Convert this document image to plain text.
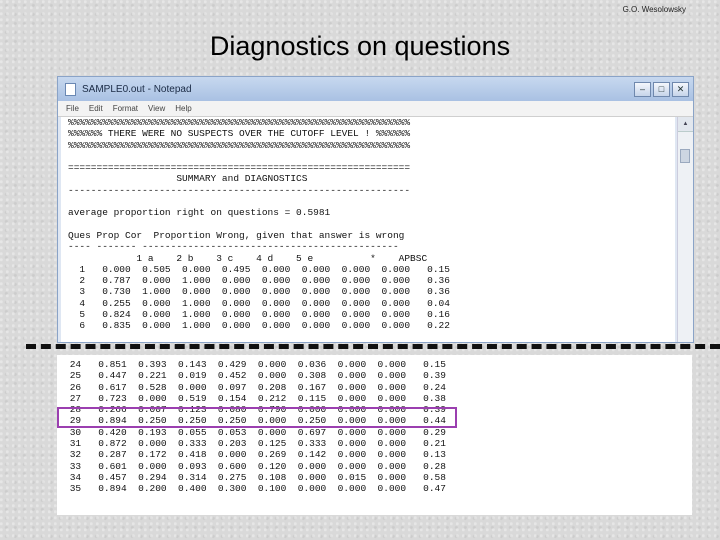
G.O. Wesolowsky
Diagnostics on questions
SAMPLE0.out - Notepad	–	□	✕
File Edit Format View Help
%%%%%%%%%%%%%%%%%%%%%%%%%%%%%%%%%%%%%%%%%%%%%%%%%%%%%%%%%%%%
%%%%%% THERE WERE NO SUSPECTS OVER THE CUTOFF LEVEL ! %%%%%%
%%%%%%%%%%%%%%%%%%%%%%%%%%%%%%%%%%%%%%%%%%%%%%%%%%%%%%%%%%%%

============================================================
SUMMARY and DIAGNOSTICS
------------------------------------------------------------

average proportion right on questions = 0.5981

Ques Prop Cor  Proportion Wrong, given that answer is wrong
---- ------- ---------------------------------------------
1 a    2 b    3 c    4 d    5 e          *    APBSC
1   0.000  0.505  0.000  0.495  0.000  0.000  0.000  0.000   0.15
2   0.787  0.000  1.000  0.000  0.000  0.000  0.000  0.000   0.36
3   0.730  1.000  0.000  0.000  0.000  0.000  0.000  0.000   0.36
4   0.255  0.000  1.000  0.000  0.000  0.000  0.000  0.000   0.04
5   0.824  0.000  1.000  0.000  0.000  0.000  0.000  0.000   0.16
6   0.835  0.000  1.000  0.000  0.000  0.000  0.000  0.000   0.22
▲
24   0.851  0.393  0.143  0.429  0.000  0.036  0.000  0.000   0.15
25   0.447  0.221  0.019  0.452  0.000  0.308  0.000  0.000   0.39
26   0.617  0.528  0.000  0.097  0.208  0.167  0.000  0.000   0.24
27   0.723  0.000  0.519  0.154  0.212  0.115  0.000  0.000   0.38
28   0.266  0.007  0.123  0.080  0.790  0.000  0.000  0.000   0.39
29   0.894  0.250  0.250  0.250  0.000  0.250  0.000  0.000   0.44
30   0.420  0.193  0.055  0.053  0.000  0.697  0.000  0.000   0.29
31   0.872  0.000  0.333  0.203  0.125  0.333  0.000  0.000   0.21
32   0.287  0.172  0.418  0.000  0.269  0.142  0.000  0.000   0.13
33   0.601  0.000  0.093  0.600  0.120  0.000  0.000  0.000   0.28
34   0.457  0.294  0.314  0.275  0.108  0.000  0.015  0.000   0.58
35   0.894  0.200  0.400  0.300  0.100  0.000  0.000  0.000   0.47
